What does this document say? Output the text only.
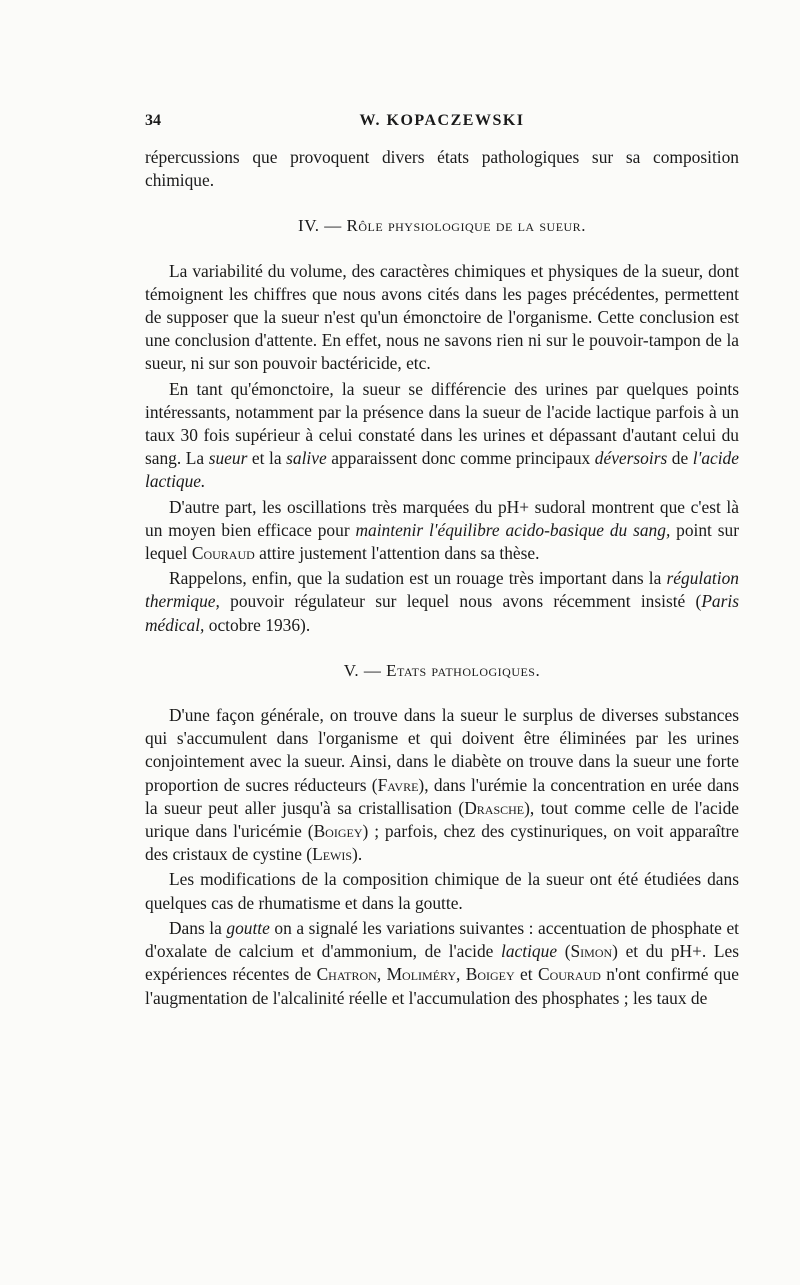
34	W. KOPACZEWSKI

répercussions que provoquent divers états pathologiques sur sa composition chimique.

IV. — Rôle physiologique de la sueur.

La variabilité du volume, des caractères chimiques et physiques de la sueur, dont témoignent les chiffres que nous avons cités dans les pages précédentes, permettent de supposer que la sueur n'est qu'un émonctoire de l'organisme. Cette conclusion est une conclusion d'attente. En effet, nous ne savons rien ni sur le pouvoir-tampon de la sueur, ni sur son pouvoir bactéricide, etc.

En tant qu'émonctoire, la sueur se différencie des urines par quelques points intéressants, notamment par la présence dans la sueur de l'acide lactique parfois à un taux 30 fois supérieur à celui constaté dans les urines et dépassant d'autant celui du sang. La sueur et la salive apparaissent donc comme principaux déversoirs de l'acide lactique.

D'autre part, les oscillations très marquées du pH+ sudoral montrent que c'est là un moyen bien efficace pour maintenir l'équilibre acido-basique du sang, point sur lequel Couraud attire justement l'attention dans sa thèse.

Rappelons, enfin, que la sudation est un rouage très important dans la régulation thermique, pouvoir régulateur sur lequel nous avons récemment insisté (Paris médical, octobre 1936).

V. — Etats pathologiques.

D'une façon générale, on trouve dans la sueur le surplus de diverses substances qui s'accumulent dans l'organisme et qui doivent être éliminées par les urines conjointement avec la sueur. Ainsi, dans le diabète on trouve dans la sueur une forte proportion de sucres réducteurs (Favre), dans l'urémie la concentration en urée dans la sueur peut aller jusqu'à sa cristallisation (Drasche), tout comme celle de l'acide urique dans l'uricémie (Boigey) ; parfois, chez des cystinuriques, on voit apparaître des cristaux de cystine (Lewis).

Les modifications de la composition chimique de la sueur ont été étudiées dans quelques cas de rhumatisme et dans la goutte.

Dans la goutte on a signalé les variations suivantes : accentuation de phosphate et d'oxalate de calcium et d'ammonium, de l'acide lactique (Simon) et du pH+. Les expériences récentes de Chatron, Moliméry, Boigey et Couraud n'ont confirmé que l'augmentation de l'alcalinité réelle et l'accumulation des phosphates ; les taux de
